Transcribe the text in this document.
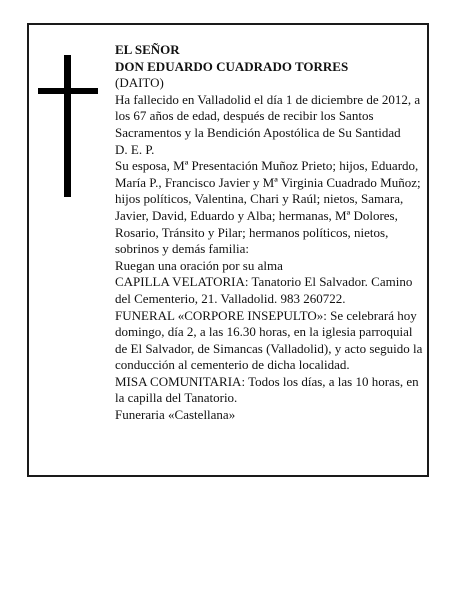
EL SEÑOR

DON EDUARDO CUADRADO TORRES

(DAITO)

Ha fallecido en Valladolid el día 1 de diciembre de 2012, a los 67 años de edad, después de recibir los Santos Sacramentos y la Bendición Apostólica de Su Santidad

D. E. P.

Su esposa, Mª Presentación Muñoz Prieto; hijos, Eduardo, María P., Francisco Javier y Mª Virginia Cuadrado Muñoz; hijos políticos, Valentina, Chari y Raúl; nietos, Samara, Javier, David, Eduardo y Alba; hermanas, Mª Dolores, Rosario, Tránsito y Pilar; hermanos políticos, nietos, sobrinos y demás familia:

Ruegan una oración por su alma

CAPILLA VELATORIA: Tanatorio El Salvador. Camino del Cementerio, 21. Valladolid. 983 260722.

FUNERAL «CORPORE INSEPULTO»: Se celebrará hoy domingo, día 2, a las 16.30 horas, en la iglesia parroquial de El Salvador, de Simancas (Valladolid), y acto seguido la conducción al cementerio de dicha localidad.

MISA COMUNITARIA: Todos los días, a las 10 horas, en la capilla del Tanatorio.

Funeraria «Castellana»
